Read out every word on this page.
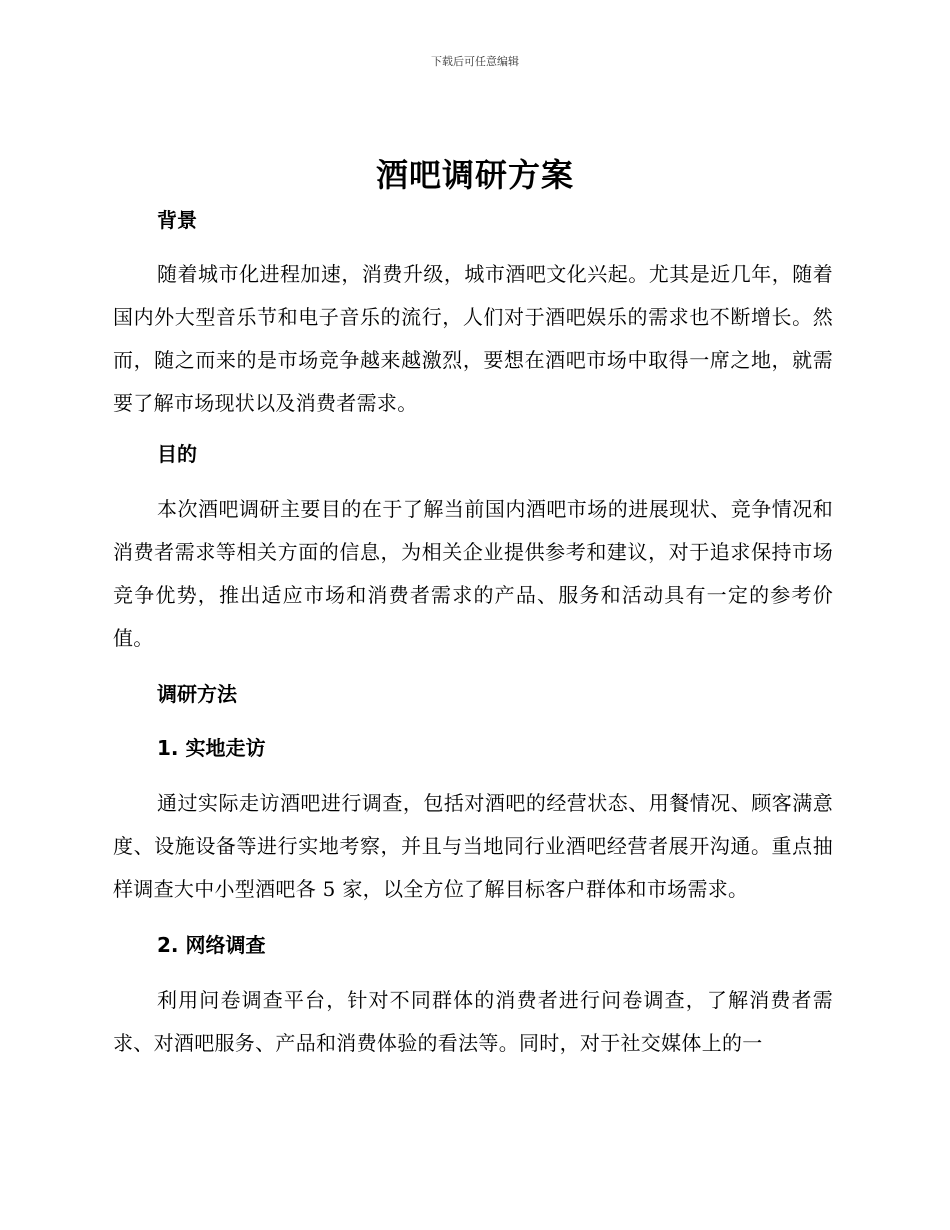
下载后可任意编辑
酒吧调研方案
背景

随着城市化进程加速，消费升级，城市酒吧文化兴起。尤其是近几年，随着国内外大型音乐节和电子音乐的流行，人们对于酒吧娱乐的需求也不断增长。然而，随之而来的是市场竞争越来越激烈，要想在酒吧市场中取得一席之地，就需要了解市场现状以及消费者需求。

目的

本次酒吧调研主要目的在于了解当前国内酒吧市场的进展现状、竞争情况和消费者需求等相关方面的信息，为相关企业提供参考和建议，对于追求保持市场竞争优势，推出适应市场和消费者需求的产品、服务和活动具有一定的参考价值。

调研方法
1. 实地走访

通过实际走访酒吧进行调查，包括对酒吧的经营状态、用餐情况、顾客满意度、设施设备等进行实地考察，并且与当地同行业酒吧经营者展开沟通。重点抽样调查大中小型酒吧各 5 家，以全方位了解目标客户群体和市场需求。

2. 网络调查

利用问卷调查平台，针对不同群体的消费者进行问卷调查，了解消费者需求、对酒吧服务、产品和消费体验的看法等。同时，对于社交媒体上的一
